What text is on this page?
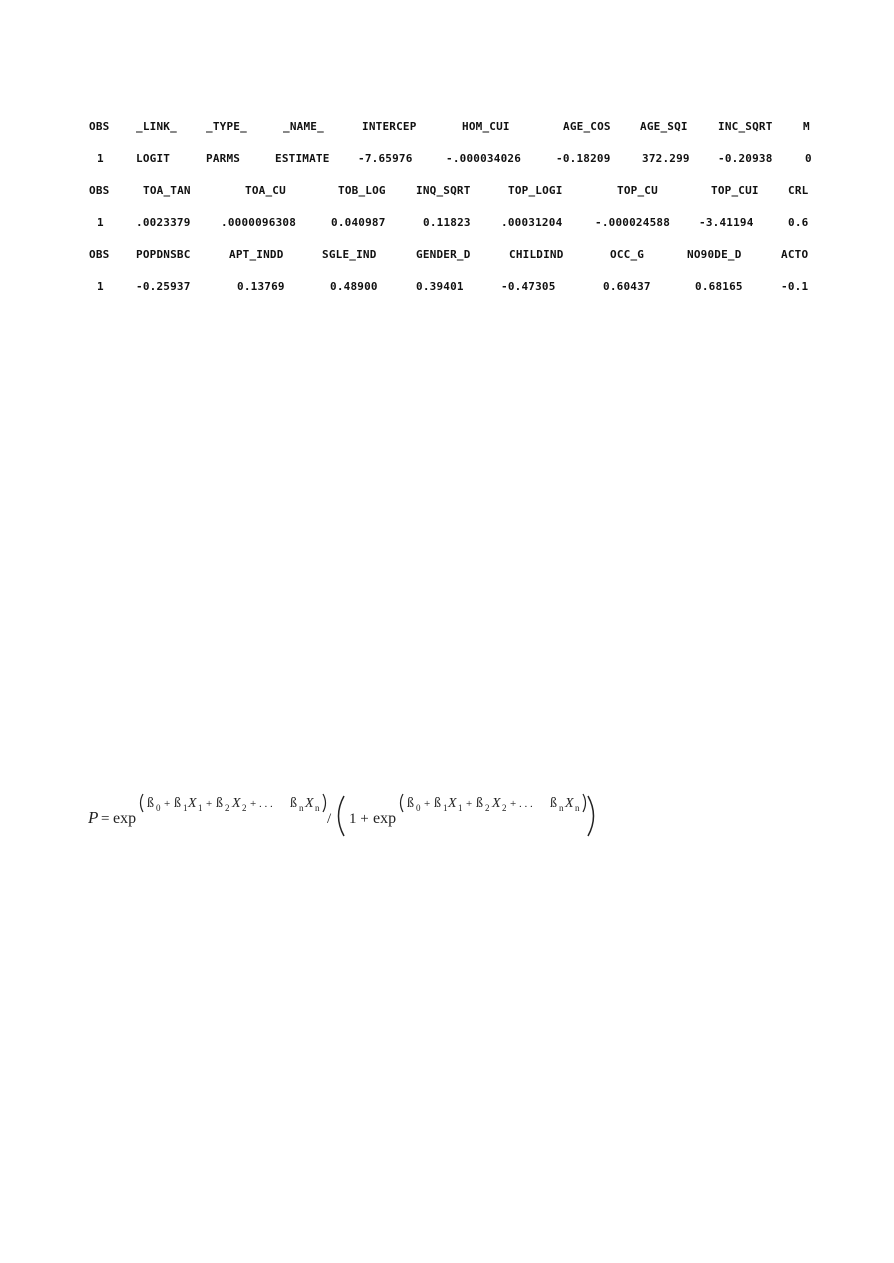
OBS _LINK_	_TYPE_	_NAME_	INTERCEP	HOM_CUI	AGE_COS	AGE_SQI	INC_SQRT	M
1	LOGIT	PARMS	ESTIMATE	-7.65976	-.000034026	-0.18209	372.299	-0.20938	0
OBS	TOA_TAN	TOA_CU	TOB_LOG	INQ_SQRT	TOP_LOGI	TOP_CU	TOP_CUI	CRL
1	.0023379	.0000096308	0.040987	0.11823	.00031204	-.000024588	-3.41194	0.6
OBS POPDNSBC	APT_INDD	SGLE_IND	GENDER_D	CHILDIND	OCC_G	NO90DE_D	ACTO
1	-0.25937	0.13769	0.48900	0.39401	-0.47305	0.60437	0.68165	-0.1
P = exp
ß 0 + ß 1 X 1 + ß 2 X 2 + . . . ß n X n
/ 1 + exp
ß 0 + ß 1 X 1 + ß 2 X 2 + . . . ß n X n
